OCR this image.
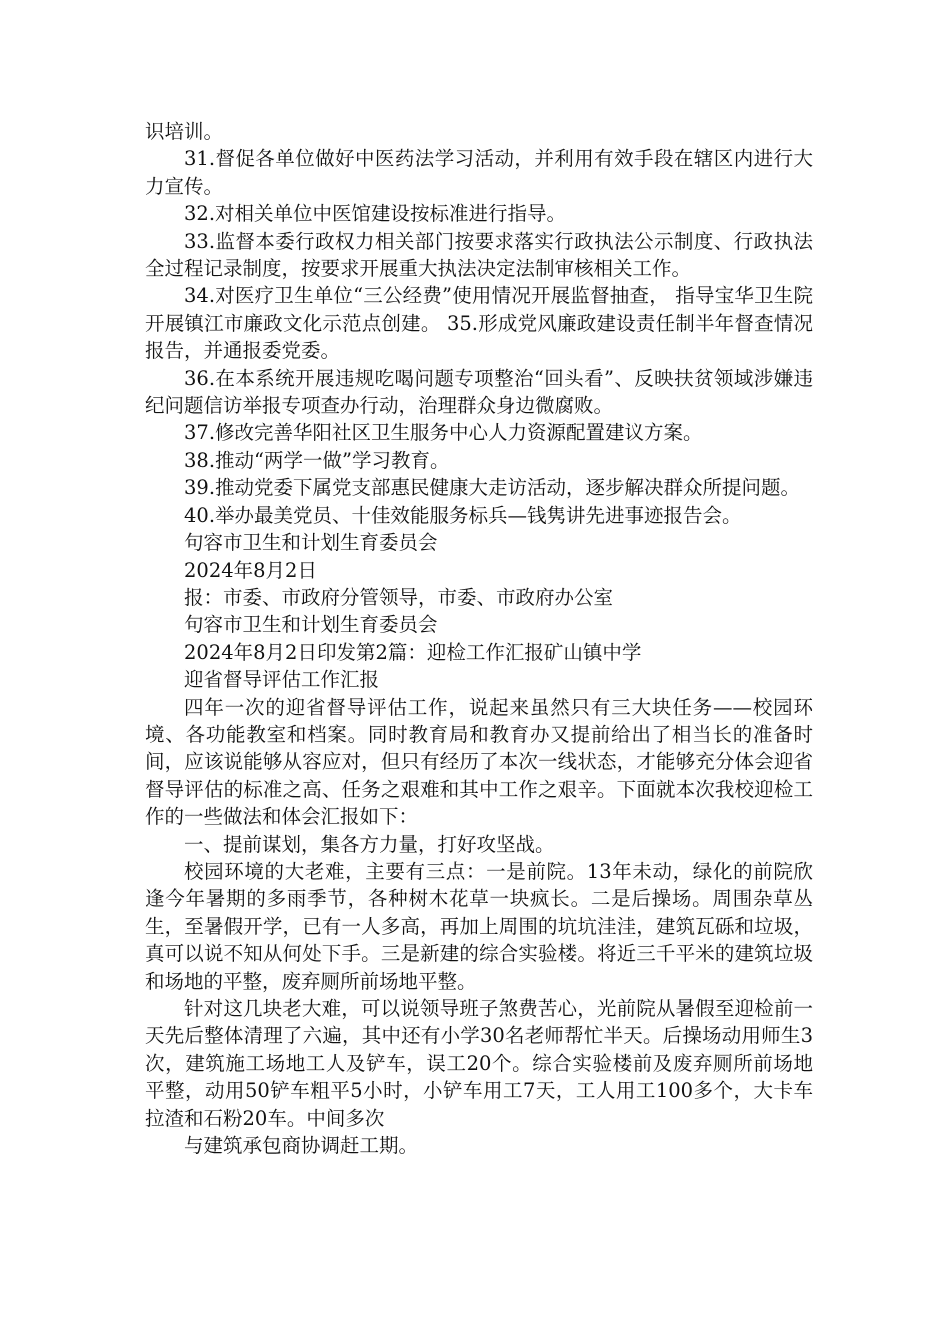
识培训。

31.督促各单位做好中医药法学习活动，并利用有效手段在辖区内进行大力宣传。

32.对相关单位中医馆建设按标准进行指导。

33.监督本委行政权力相关部门按要求落实行政执法公示制度、行政执法全过程记录制度，按要求开展重大执法决定法制审核相关工作。

34.对医疗卫生单位“三公经费”使用情况开展监督抽查， 指导宝华卫生院开展镇江市廉政文化示范点创建。 35.形成党风廉政建设责任制半年督查情况报告，并通报委党委。

36.在本系统开展违规吃喝问题专项整治“回头看”、反映扶贫领域涉嫌违纪问题信访举报专项查办行动，治理群众身边微腐败。

37.修改完善华阳社区卫生服务中心人力资源配置建议方案。

38.推动“两学一做”学习教育。

39.推动党委下属党支部惠民健康大走访活动，逐步解决群众所提问题。

40.举办最美党员、十佳效能服务标兵—钱隽讲先进事迹报告会。

句容市卫生和计划生育委员会

2024年8月2日

报：市委、市政府分管领导，市委、市政府办公室

句容市卫生和计划生育委员会

2024年8月2日印发第2篇：迎检工作汇报矿山镇中学

迎省督导评估工作汇报

四年一次的迎省督导评估工作，说起来虽然只有三大块任务——校园环境、各功能教室和档案。同时教育局和教育办又提前给出了相当长的准备时间，应该说能够从容应对，但只有经历了本次一线状态，才能够充分体会迎省督导评估的标准之高、任务之艰难和其中工作之艰辛。下面就本次我校迎检工作的一些做法和体会汇报如下：

一、提前谋划，集各方力量，打好攻坚战。

校园环境的大老难，主要有三点：一是前院。13年未动，绿化的前院欣逢今年暑期的多雨季节，各种树木花草一块疯长。二是后操场。周围杂草丛生，至暑假开学，已有一人多高，再加上周围的坑坑洼洼，建筑瓦砾和垃圾，真可以说不知从何处下手。三是新建的综合实验楼。将近三千平米的建筑垃圾和场地的平整，废弃厕所前场地平整。

针对这几块老大难，可以说领导班子煞费苦心，光前院从暑假至迎检前一天先后整体清理了六遍，其中还有小学30名老师帮忙半天。后操场动用师生3次，建筑施工场地工人及铲车，误工20个。综合实验楼前及废弃厕所前场地平整，动用50铲车粗平5小时，小铲车用工7天，工人用工100多个，大卡车拉渣和石粉20车。中间多次

与建筑承包商协调赶工期。
